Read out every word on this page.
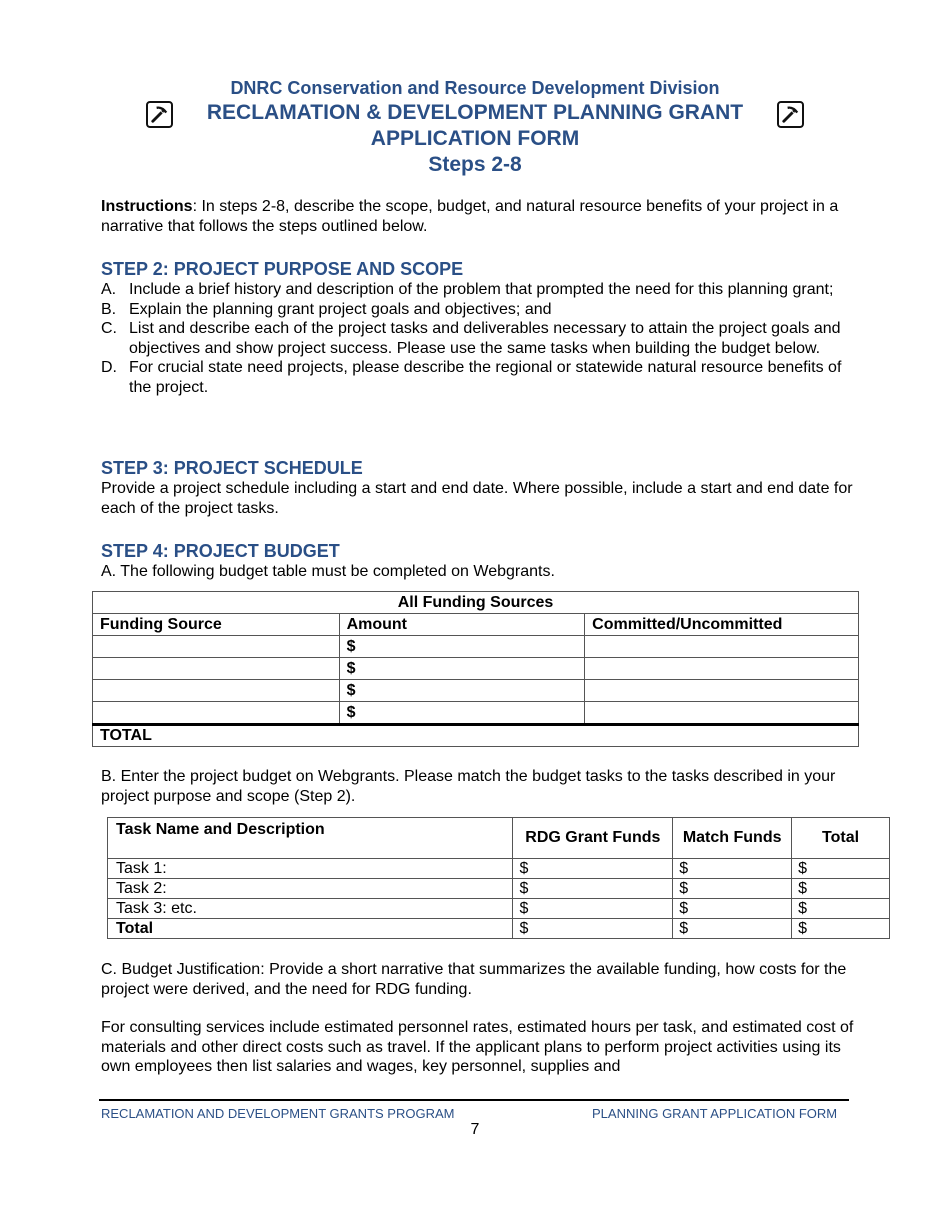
DNRC Conservation and Resource Development Division
RECLAMATION & DEVELOPMENT PLANNING GRANT
APPLICATION FORM
Steps 2-8
Instructions: In steps 2-8, describe the scope, budget, and natural resource benefits of your project in a narrative that follows the steps outlined below.
STEP 2: PROJECT PURPOSE AND SCOPE
A. Include a brief history and description of the problem that prompted the need for this planning grant;
B. Explain the planning grant project goals and objectives; and
C. List and describe each of the project tasks and deliverables necessary to attain the project goals and objectives and show project success. Please use the same tasks when building the budget below.
D. For crucial state need projects, please describe the regional or statewide natural resource benefits of the project.
STEP 3: PROJECT SCHEDULE
Provide a project schedule including a start and end date. Where possible, include a start and end date for each of the project tasks.
STEP 4: PROJECT BUDGET
A. The following budget table must be completed on Webgrants.
All Funding Sources		
Funding Source	Amount	Committed/Uncommitted
	$	
	$	
	$	
	$	
TOTAL		
B. Enter the project budget on Webgrants. Please match the budget tasks to the tasks described in your project purpose and scope (Step 2).
Task Name and Description	RDG Grant Funds	Match Funds	Total
Task 1:	$	$	$
Task 2:	$	$	$
Task 3: etc.	$	$	$
Total	$	$	$
C. Budget Justification: Provide a short narrative that summarizes the available funding, how costs for the project were derived, and the need for RDG funding.
For consulting services include estimated personnel rates, estimated hours per task, and estimated cost of materials and other direct costs such as travel. If the applicant plans to perform project activities using its own employees then list salaries and wages, key personnel, supplies and
RECLAMATION AND DEVELOPMENT GRANTS PROGRAM	PLANNING GRANT APPLICATION FORM
7
